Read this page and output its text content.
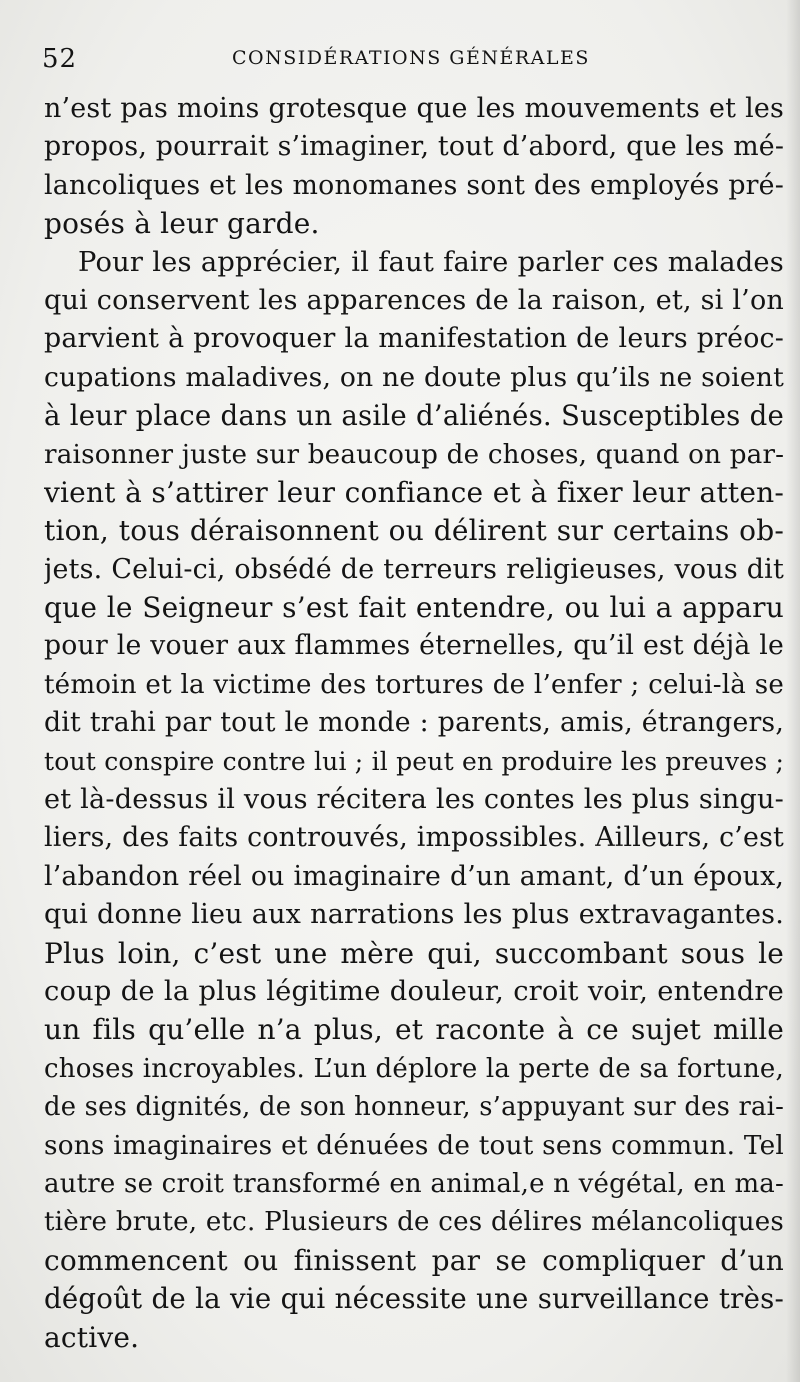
52	CONSIDÉRATIONS GÉNÉRALES
n’est pas moins grotesque que les mouvements et les
propos, pourrait s’imaginer, tout d’abord, que les mé-
lancoliques et les monomanes sont des employés pré-
posés à leur garde.
Pour les apprécier, il faut faire parler ces malades
qui conservent les apparences de la raison, et, si l’on
parvient à provoquer la manifestation de leurs préoc-
cupations maladives, on ne doute plus qu’ils ne soient
à leur place dans un asile d’aliénés. Susceptibles de
raisonner juste sur beaucoup de choses, quand on par-
vient à s’attirer leur confiance et à fixer leur atten-
tion, tous déraisonnent ou délirent sur certains ob-
jets. Celui-ci, obsédé de terreurs religieuses, vous dit
que le Seigneur s’est fait entendre, ou lui a apparu
pour le vouer aux flammes éternelles, qu’il est déjà le
témoin et la victime des tortures de l’enfer ; celui-là se
dit trahi par tout le monde : parents, amis, étrangers,
tout conspire contre lui ; il peut en produire les preuves ;
et là-dessus il vous récitera les contes les plus singu-
liers, des faits controuvés, impossibles. Ailleurs, c’est
l’abandon réel ou imaginaire d’un amant, d’un époux,
qui donne lieu aux narrations les plus extravagantes.
Plus loin, c’est une mère qui, succombant sous le
coup de la plus légitime douleur, croit voir, entendre
un fils qu’elle n’a plus, et raconte à ce sujet mille
choses incroyables. L’un déplore la perte de sa fortune,
de ses dignités, de son honneur, s’appuyant sur des rai-
sons imaginaires et dénuées de tout sens commun. Tel
autre se croit transformé en animal,e n végétal, en ma-
tière brute, etc. Plusieurs de ces délires mélancoliques
commencent ou finissent par se compliquer d’un
dégoût de la vie qui nécessite une surveillance très-
active.
